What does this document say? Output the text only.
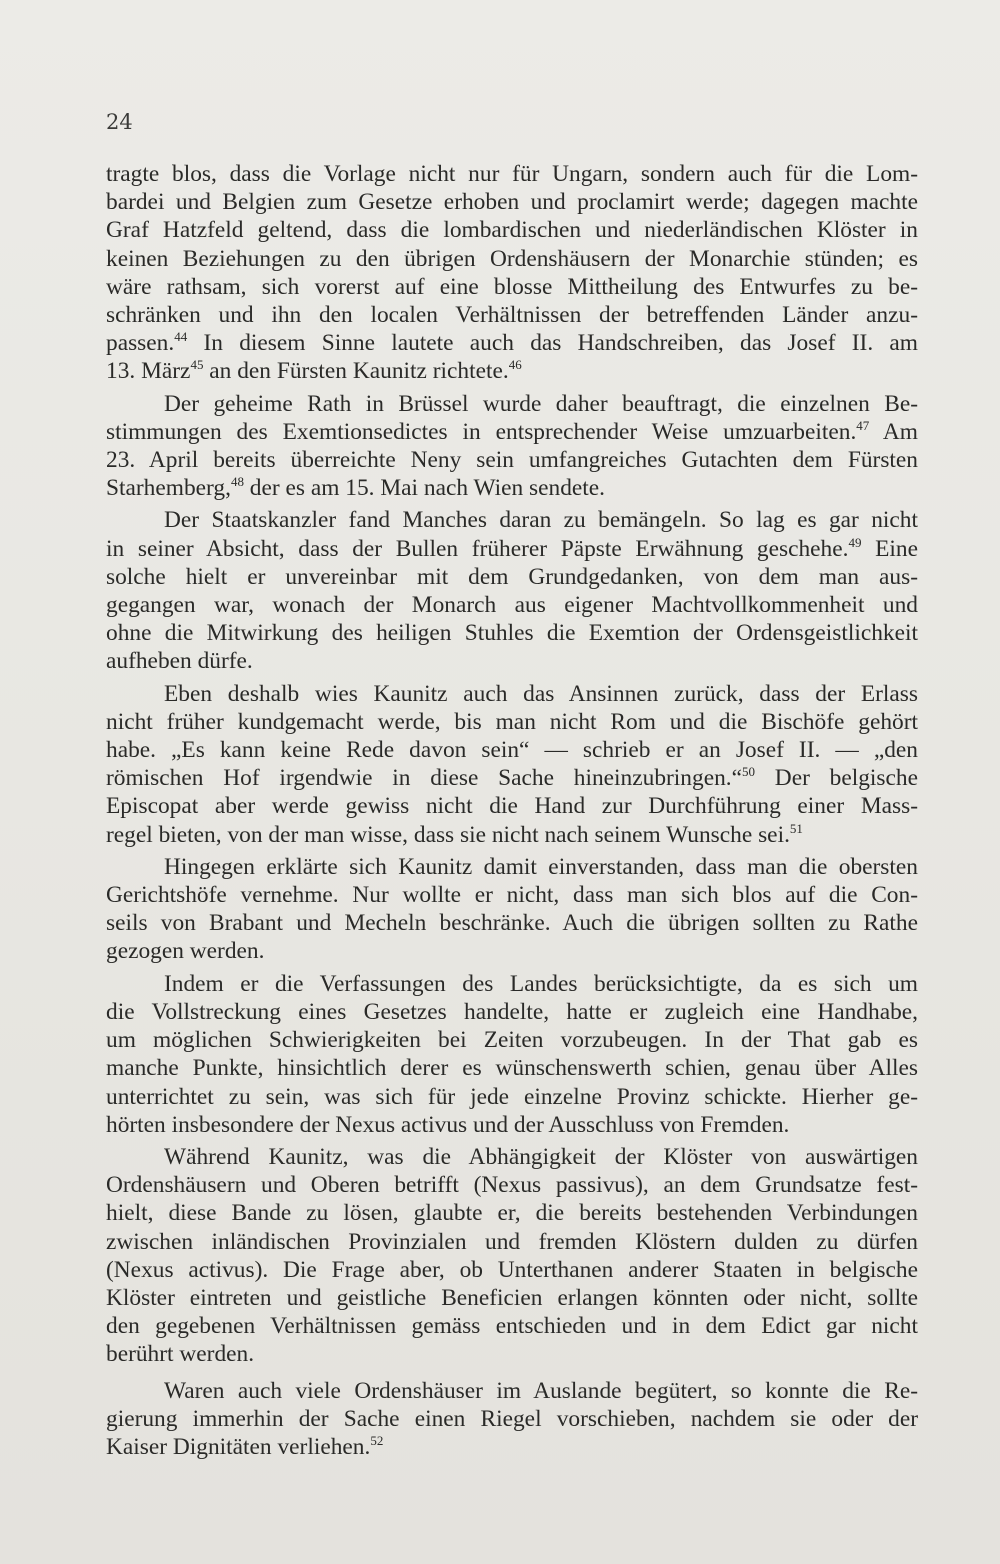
24
tragte blos, dass die Vorlage nicht nur für Ungarn, sondern auch für die Lom-
bardei und Belgien zum Gesetze erhoben und proclamirt werde; dagegen machte
Graf Hatzfeld geltend, dass die lombardischen und niederländischen Klöster in
keinen Beziehungen zu den übrigen Ordenshäusern der Monarchie stünden; es
wäre rathsam, sich vorerst auf eine blosse Mittheilung des Entwurfes zu be-
schränken und ihn den localen Verhältnissen der betreffenden Länder anzu-
passen.$^{44}$ In diesem Sinne lautete auch das Handschreiben, das Josef II. am
13. März$^{45}$ an den Fürsten Kaunitz richtete.$^{46}$
Der geheime Rath in Brüssel wurde daher beauftragt, die einzelnen Be-
stimmungen des Exemtionsedictes in entsprechender Weise umzuarbeiten.$^{47}$ Am
23. April bereits überreichte Neny sein umfangreiches Gutachten dem Fürsten
Starhemberg,$^{48}$ der es am 15. Mai nach Wien sendete.
Der Staatskanzler fand Manches daran zu bemängeln. So lag es gar nicht
in seiner Absicht, dass der Bullen früherer Päpste Erwähnung geschehe.$^{49}$ Eine
solche hielt er unvereinbar mit dem Grundgedanken, von dem man aus-
gegangen war, wonach der Monarch aus eigener Machtvollkommenheit und
ohne die Mitwirkung des heiligen Stuhles die Exemtion der Ordensgeistlichkeit
aufheben dürfe.
Eben deshalb wies Kaunitz auch das Ansinnen zurück, dass der Erlass
nicht früher kundgemacht werde, bis man nicht Rom und die Bischöfe gehört
habe. „Es kann keine Rede davon sein“ — schrieb er an Josef II. — „den
römischen Hof irgendwie in diese Sache hineinzubringen.“$^{50}$ Der belgische
Episcopat aber werde gewiss nicht die Hand zur Durchführung einer Mass-
regel bieten, von der man wisse, dass sie nicht nach seinem Wunsche sei.$^{51}$
Hingegen erklärte sich Kaunitz damit einverstanden, dass man die obersten
Gerichtshöfe vernehme. Nur wollte er nicht, dass man sich blos auf die Con-
seils von Brabant und Mecheln beschränke. Auch die übrigen sollten zu Rathe
gezogen werden.
Indem er die Verfassungen des Landes berücksichtigte, da es sich um
die Vollstreckung eines Gesetzes handelte, hatte er zugleich eine Handhabe,
um möglichen Schwierigkeiten bei Zeiten vorzubeugen. In der That gab es
manche Punkte, hinsichtlich derer es wünschenswerth schien, genau über Alles
unterrichtet zu sein, was sich für jede einzelne Provinz schickte. Hierher ge-
hörten insbesondere der Nexus activus und der Ausschluss von Fremden.
Während Kaunitz, was die Abhängigkeit der Klöster von auswärtigen
Ordenshäusern und Oberen betrifft (Nexus passivus), an dem Grundsatze fest-
hielt, diese Bande zu lösen, glaubte er, die bereits bestehenden Verbindungen
zwischen inländischen Provinzialen und fremden Klöstern dulden zu dürfen
(Nexus activus). Die Frage aber, ob Unterthanen anderer Staaten in belgische
Klöster eintreten und geistliche Beneficien erlangen könnten oder nicht, sollte
den gegebenen Verhältnissen gemäss entschieden und in dem Edict gar nicht
berührt werden.
Waren auch viele Ordenshäuser im Auslande begütert, so konnte die Re-
gierung immerhin der Sache einen Riegel vorschieben, nachdem sie oder der
Kaiser Dignitäten verliehen.$^{52}$
